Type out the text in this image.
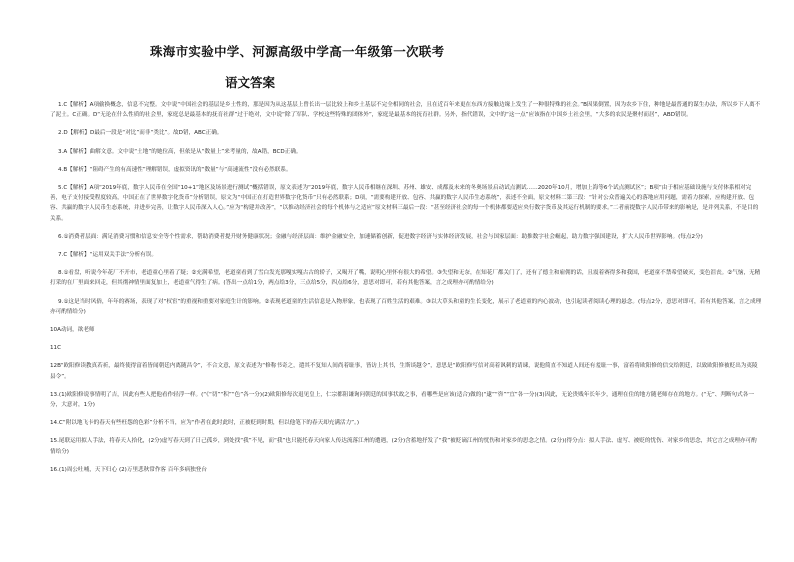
珠海市实验中学、河源高级中学高一年级第一次联考
语文答案

1.C【解析】A项偷换概念，信息不完整。文中说“中国社会的基层是乡土性的，那是因为从这基层上曾长出一层比较上和乡土基层不完全相同的社会，且在近百年来更在东西方接触边缘上发生了一种很特殊的社会。”B因果倒置，因为农乡下住，种地是最普通的谋生办法，所以乡下人离不了泥土。C正确。D“无论在什么性质的社会里，家庭总是最基本的抚育社群”过于绝对，文中说“除了军队、学校这些特殊的团体外”，家庭是最基本的抚育社群。另外，指代错误，文中的“这一点”应该指在中国乡土社会里，“大多的农民是聚村而居”，ABD错误。

2.D【解析】D最后一段是“对比”而非“类比”。故D错，ABC正确。

3.A【解析】曲解文意。文中说“土地”的她位高，但依是从“数量上”来考量的，故A错，BCD正确。

4.B【解析】“阻碍产生的有高速性”理解错误，虚拟资讯的“数量”与“高速流性”没有必然联系。

5.C【解析】A项“2019年底，数字人民币在全国“10+1”地区及场景进行测试”概括错误，原文表述为“2019年底，数字人民币相继在深圳、苏州、雄安、成都及未来的冬奥场景启动试点测试……2020年10月，增加上海等6个试点测试区”；B项“由于相应基础设施与支付体系相对完善，电子支付接受程度较高，中国正在了世界数字化货币”分析错误，原文为“中国正在打造世界数字化货币”只有必然联系；D项，“需要构建开放、包容、共赢的数字人民币生态系统”，表述不全面，原文材料二第三段：“针对公众普遍关心的落地应用问题，需着力探索，应构建开放、包容、共赢的数字人民币生态系统，并进步完善，让数字人民币深入人心。”应为“构建并改善”，“以推动经济社会的每个机体与之适应”原文材料三最后一段：“甚至经济社会的每一个机体都要适应央行数字货币及其运行机制的要求。”二者前提数字人民币带来的影响是，是并列关系，不是目的关系。

6.①消费者层面：满足消费习惯和信息安全等个性需求，帮助消费者提升财务健康状况；金融与经济层面：维护金融安全，加速储蓄创新，促进数字经济与实体经济发展，社会与国家层面：助推数字社会崛起，助力数字强国建设，扩大人民币世界影响。(每点2分)

7.C【解析】“运用双关手法”分析有误。

8.①看盘，听说今年花厂不开市，老道童心里着了疑；②充满希望，老道童看到了雪白发光那嘎实嘎古古的轿子，又喝开了嘴，说明心里怀有很大的希望。③失望和无奈，在知花厂都关门了，还有了德主和雇佣的话，且震着赛得多和我国，老道童不禁希望破灭，变色沮丧。②气恼，无精打采的在厂里面来回走，但其彻神情里面复加上，老道童气得生了病。(答出一点给1分，两点给3分，三点给5分，四点给6分，意思对即可，若有其他答案，言之成理亦可酌情给分)

9.①这是当时风俗，年年的赛场，表现了对“权宦”的重视和重要对家庭生计的影响。②表现老道童的生活信息是入物形象，也表现了百姓生活的艰难。③以大草头和童的生长变化，展示了老道童的内心波动，也引起读者阅读心理的悬念。(每点2分，意思对即可，若有其他答案，言之成理亦可酌情给分)

10A动词，欲老师

11C

12B“欧阳修读教真若祈，最终使得富着皆闻朝廷内离随昌令”，不合文意，原文表述为“修称书奇之，遣其不复知人间尚着耻事，皆访上其书，生斯谈越令”，意思是“欧阳修写信对高着讽刺的请谏，说他简直不知道人间还有羞耻一事，富着将欧阳修的信交给朝廷，以致欧阳修被贬出为夷陵县令”。

13.(1)欧阳修说事情明了吉，因此有些人把他看作轻浮一样。(“《“切”“积”“色”各一分)(2)欧阳修每次退见皇上，仁宗都阻谦询问朝廷的国事状故之事，看哪些是应该(适合)做的(“逮”“咨”“宜”各一分)(3)因此，无论贵贱年长年少，通理在住的地方随老师存在的地方。(“无”、判断句式各一分，大意对，1分)

14.C“附以地飞卡的春天有些枉怨的色彩”分析不当，应为“作者在此时此时，正被贬到时期，但以他笔下的春天却充满活力”。)

15.尾联运用拟人手法，将春天人拾化，(2分)虚写春天到了日己孤乡，到处找“我”不见，而“我”也只能托春天向家人传达流落江州的遭遇，(2分)含蓄地抒发了“我”被贬谪江州的忧伤和对家乡的思念之情。(2分)(得分点：拟人手法、虚写、被贬的忧伤、对家乡的思念，其它言之成理亦可酌情给分)

16.(1)周公吐哺，天下归心 (2)万里悲秋常作客 百年多病独登台
